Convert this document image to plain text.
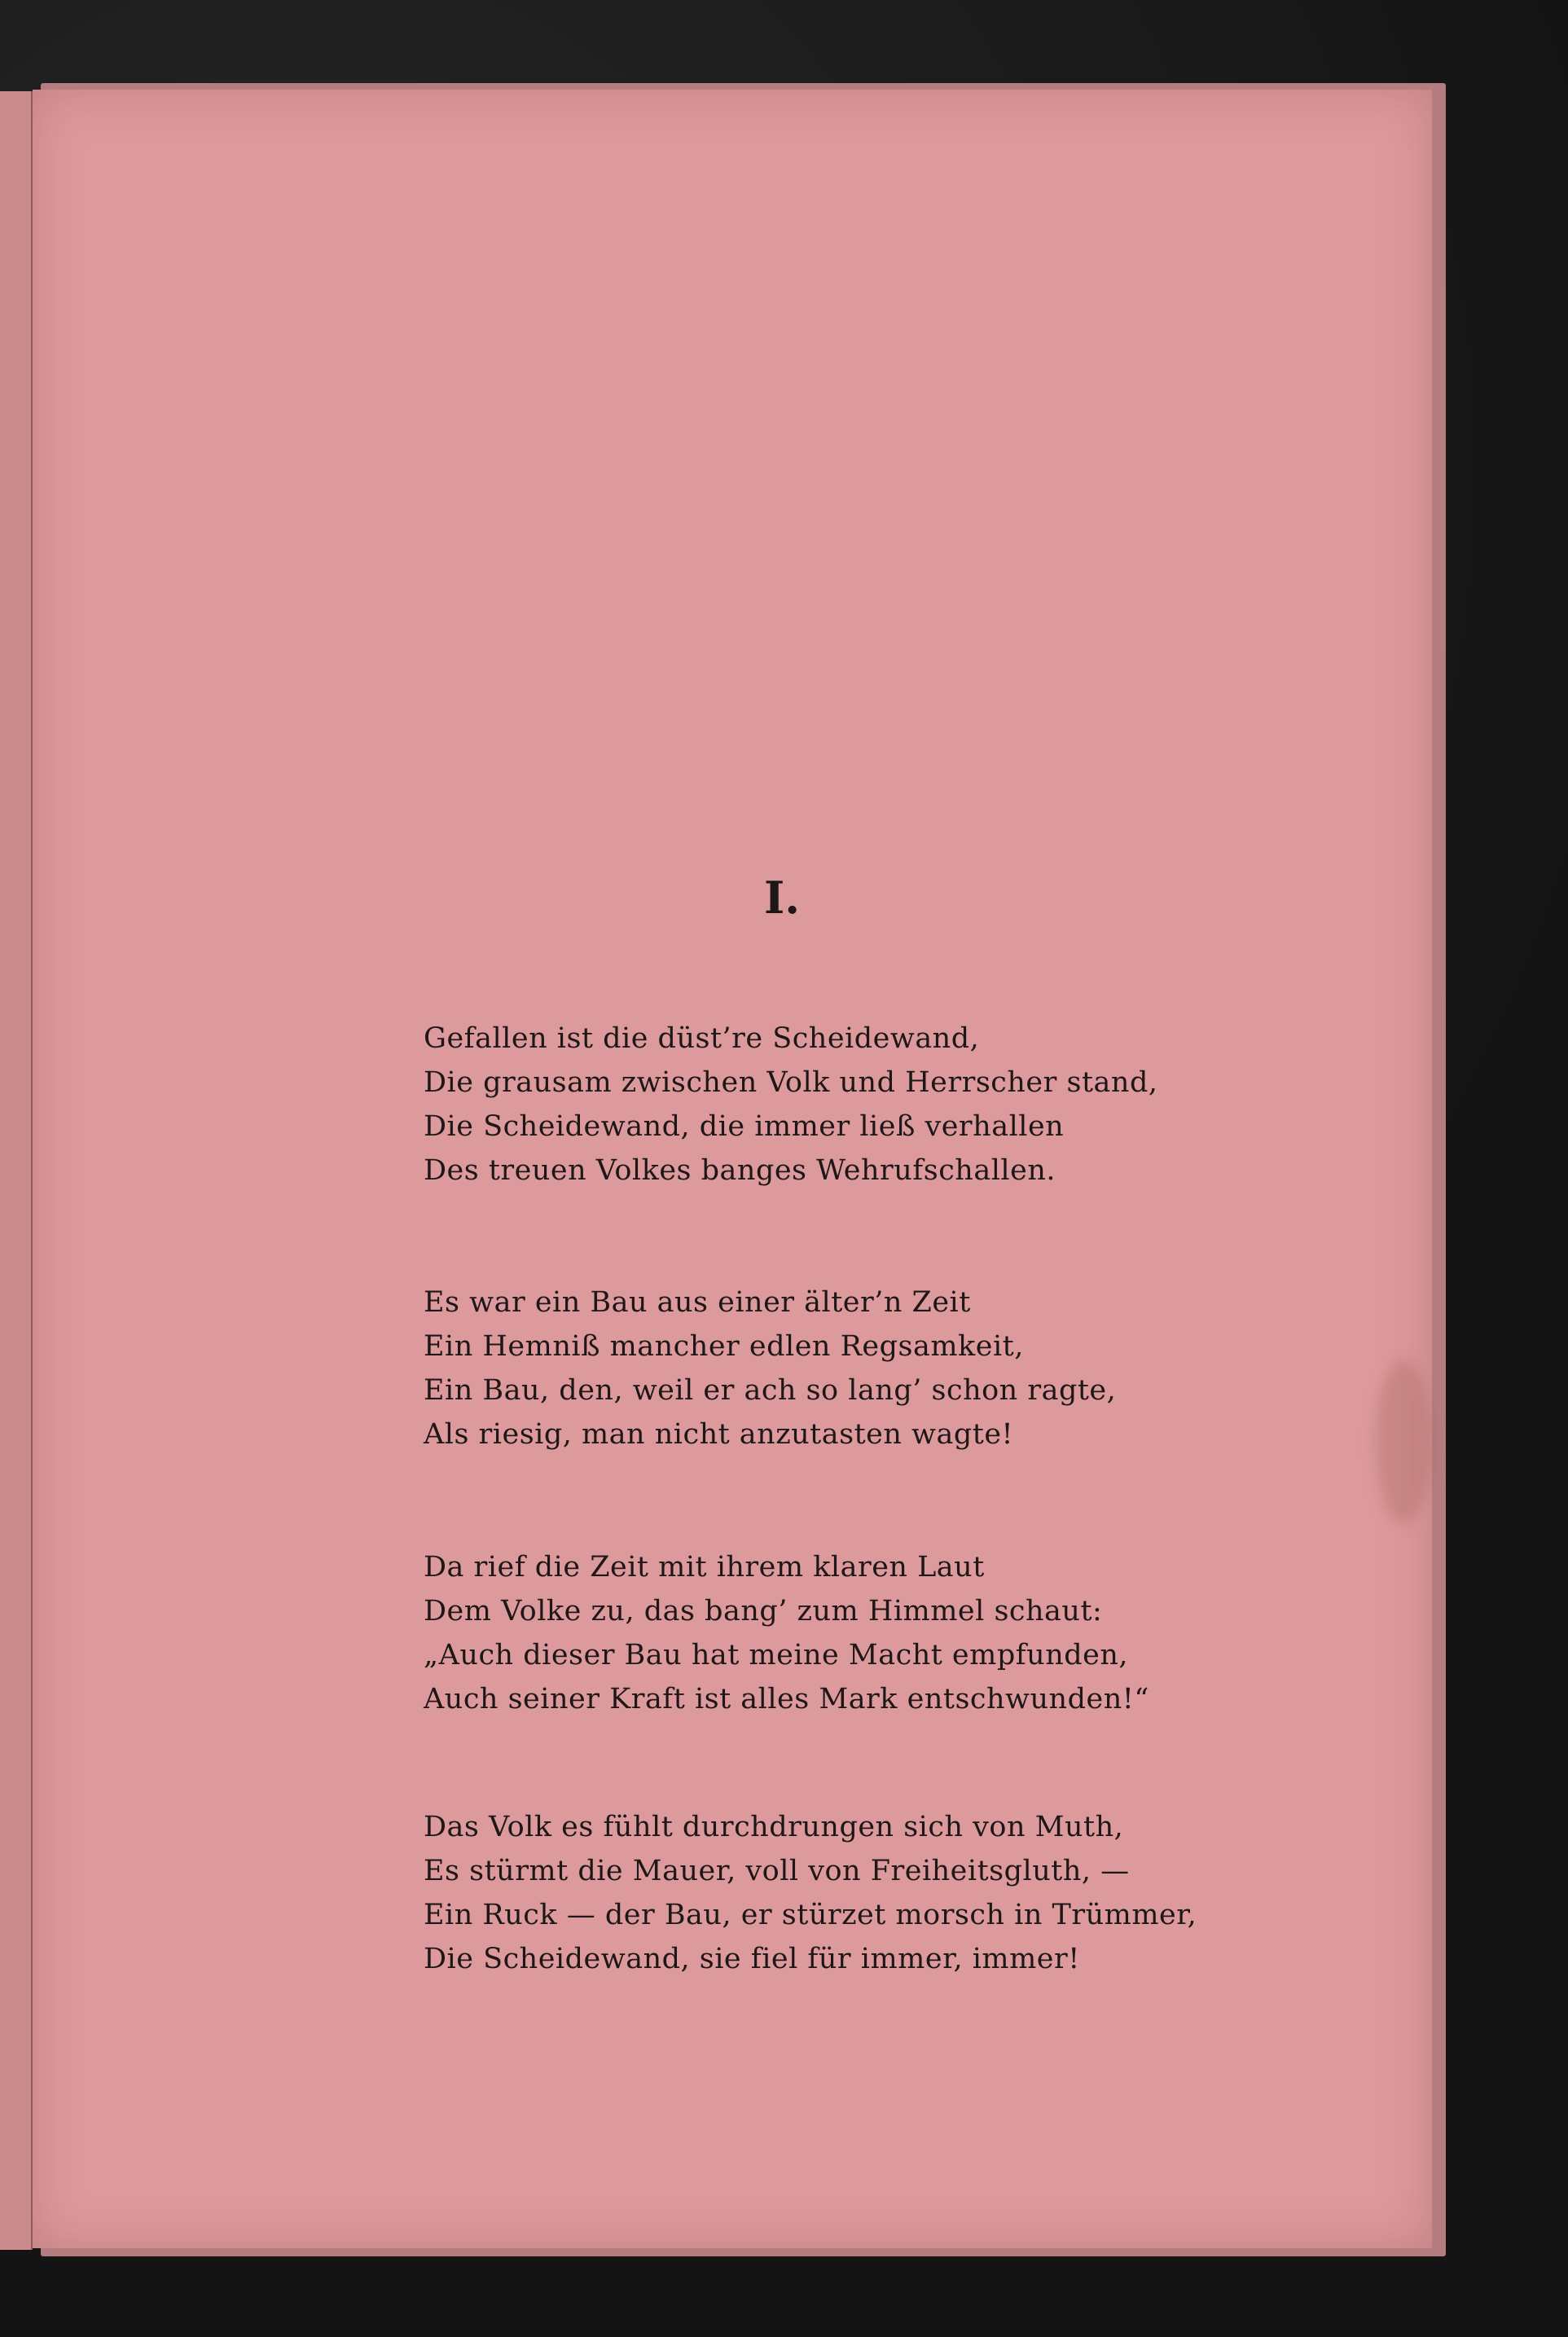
I.
Gefallen ist die düst’re Scheidewand,
Die grausam zwischen Volk und Herrscher stand,
Die Scheidewand, die immer ließ verhallen
Des treuen Volkes banges Wehrufschallen.
Es war ein Bau aus einer älter’n Zeit
Ein Hemniß mancher edlen Regsamkeit,
Ein Bau, den, weil er ach so lang’ schon ragte,
Als riesig, man nicht anzutasten wagte!
Da rief die Zeit mit ihrem klaren Laut
Dem Volke zu, das bang’ zum Himmel schaut:
„Auch dieser Bau hat meine Macht empfunden,
Auch seiner Kraft ist alles Mark entschwunden!“
Das Volk es fühlt durchdrungen sich von Muth,
Es stürmt die Mauer, voll von Freiheitsgluth, —
Ein Ruck — der Bau, er stürzet morsch in Trümmer,
Die Scheidewand, sie fiel für immer, immer!
